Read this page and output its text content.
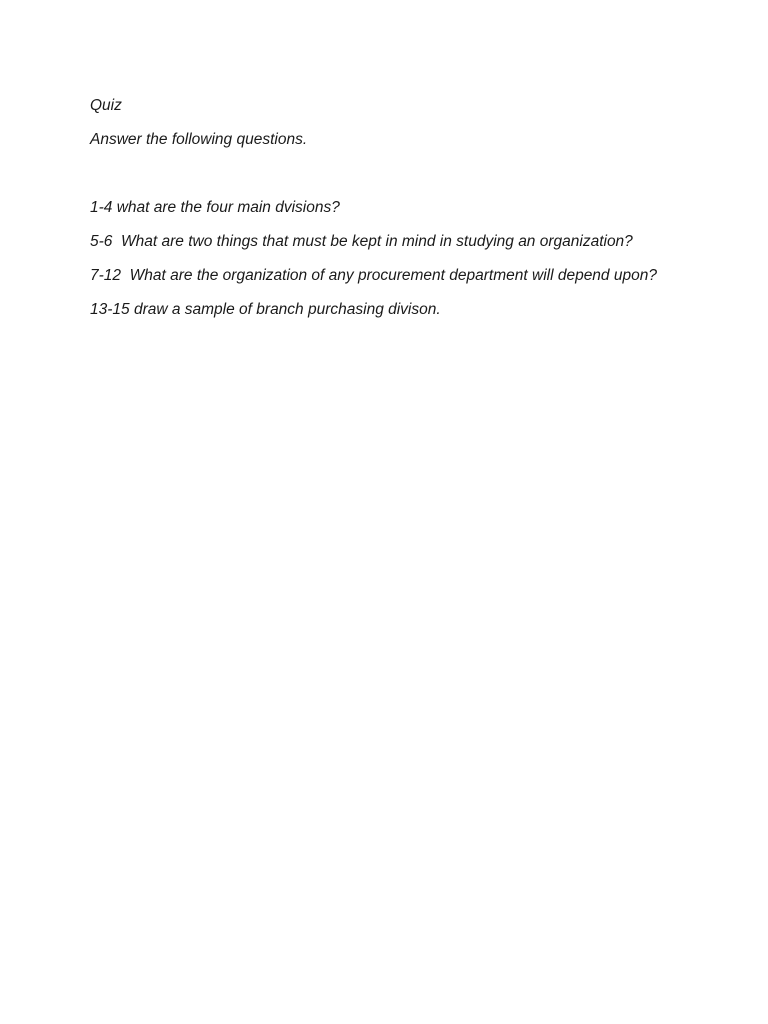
Quiz

Answer the following questions.

1-4 what are the four main dvisions?

5-6  What are two things that must be kept in mind in studying an organization?

7-12  What are the organization of any procurement department will depend upon?

13-15 draw a sample of branch purchasing divison.
